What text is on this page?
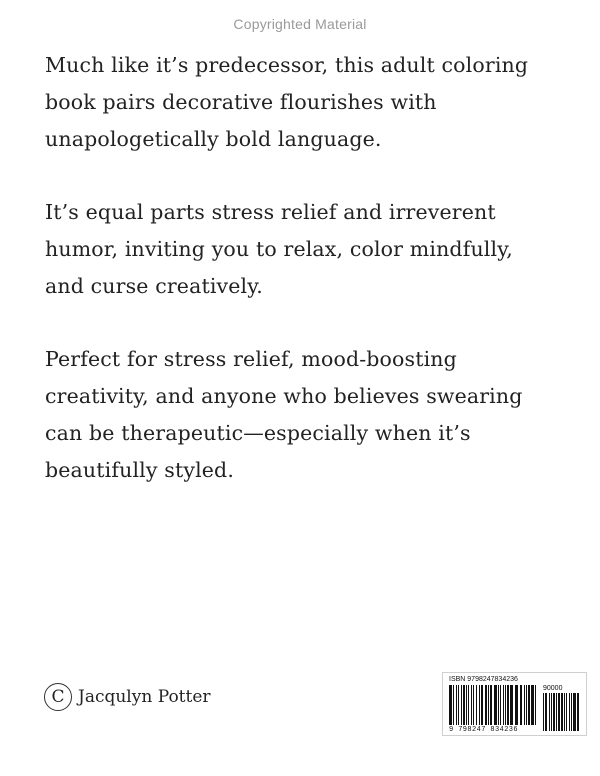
Copyrighted Material

Much like it’s predecessor, this adult coloring
book pairs decorative flourishes with
unapologetically bold language.

It’s equal parts stress relief and irreverent
humor, inviting you to relax, color mindfully,
and curse creatively.

Perfect for stress relief, mood-boosting
creativity, and anyone who believes swearing
can be therapeutic—especially when it’s
beautifully styled.

C Jacqulyn Potter
ISBN 9798247834236
90000
9 798247 834236
